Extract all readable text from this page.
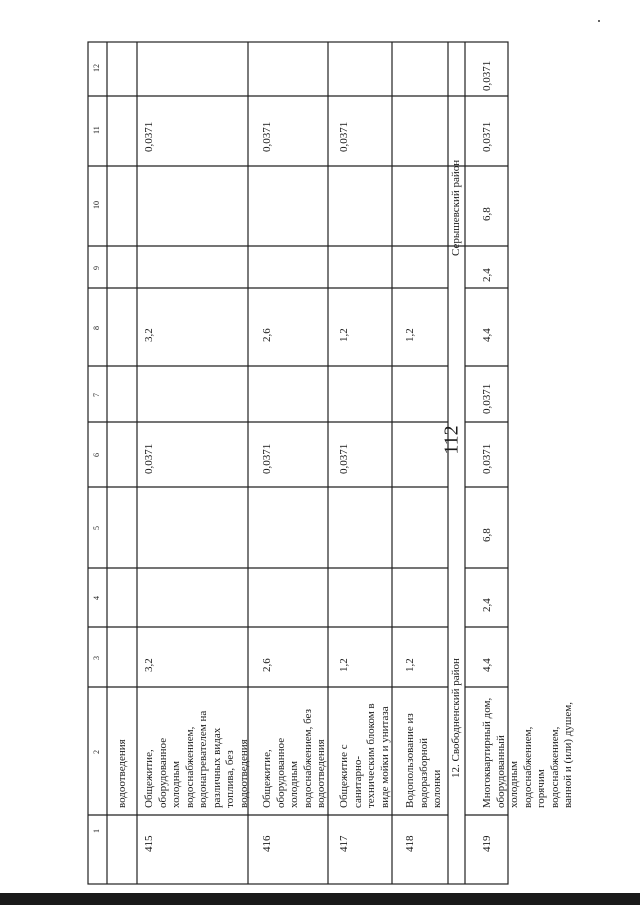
112
1
2
3
4
5
6
7
8
9
10
11
12
водоотведения
415
Общежитие, оборудованное холодным водоснабжением, водонагревателем на различных видах топлива, без водоотведения
3,2
0,0371
3,2
0,0371
416
Общежитие, оборудованное холодным водоснабжением, без водоотведения
2,6
0,0371
2,6
0,0371
417
Общежитие с санитарно- техническим блоком в виде мойки и унитаза
1,2
0,0371
1,2
0,0371
418
Водопользование из водоразборной колонки
1,2
1,2
12. Свободненский район
Серышевский район
419
Многоквартирный дом, оборудованный холодным водоснабжением, горячим водоснабжением, ванной и (или) душем,
4,4
2,4
6,8
0,0371
0,0371
4,4
2,4
6,8
0,0371
0,0371
